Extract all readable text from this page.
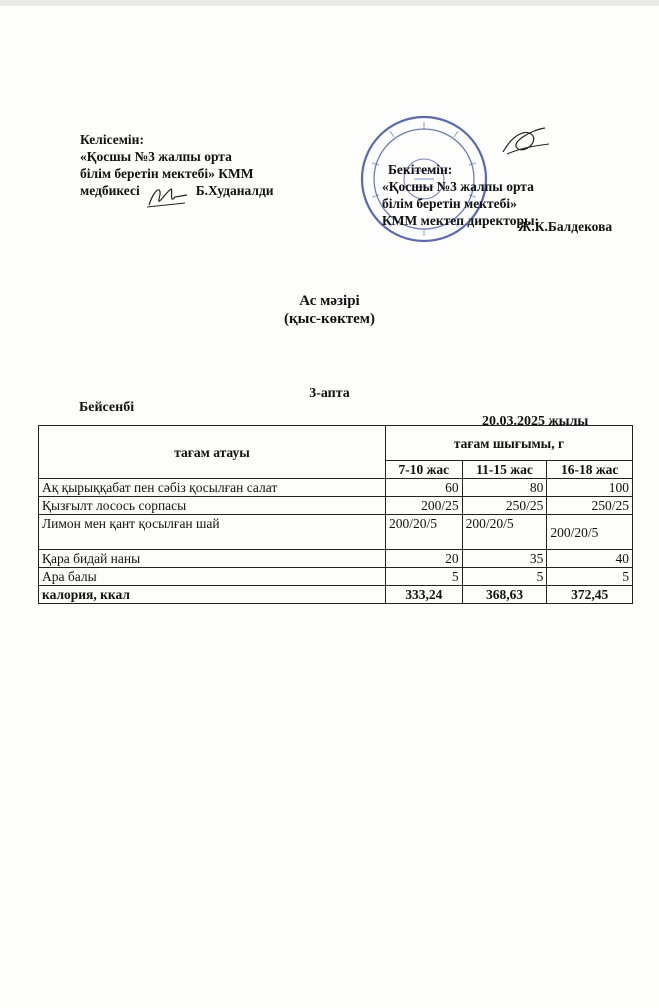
Келісемін:
«Қосшы №3 жалпы орта
білім беретін мектебі» КММ
медбикесі	Б.Худаналди
Бекітемін:
«Қосшы №3 жалпы орта
білім беретін мектебі»
КММ мектеп директоры:
Ж.К.Балдекова
Ас мәзірі
(қыс-көктем)
3-апта
Бейсенбі
20.03.2025 жылы
тағам атауы	тағам шығымы, г		
	7-10 жас	11-15 жас	16-18 жас
Ақ қырыққабат пен сәбіз қосылған салат	60	80	100
Қызғылт лосось сорпасы	200/25	250/25	250/25
Лимон мен қант қосылған шай	200/20/5	200/20/5	200/20/5
Қара бидай наны	20	35	40
Ара балы	5	5	5
калория, ккал	333,24	368,63	372,45
